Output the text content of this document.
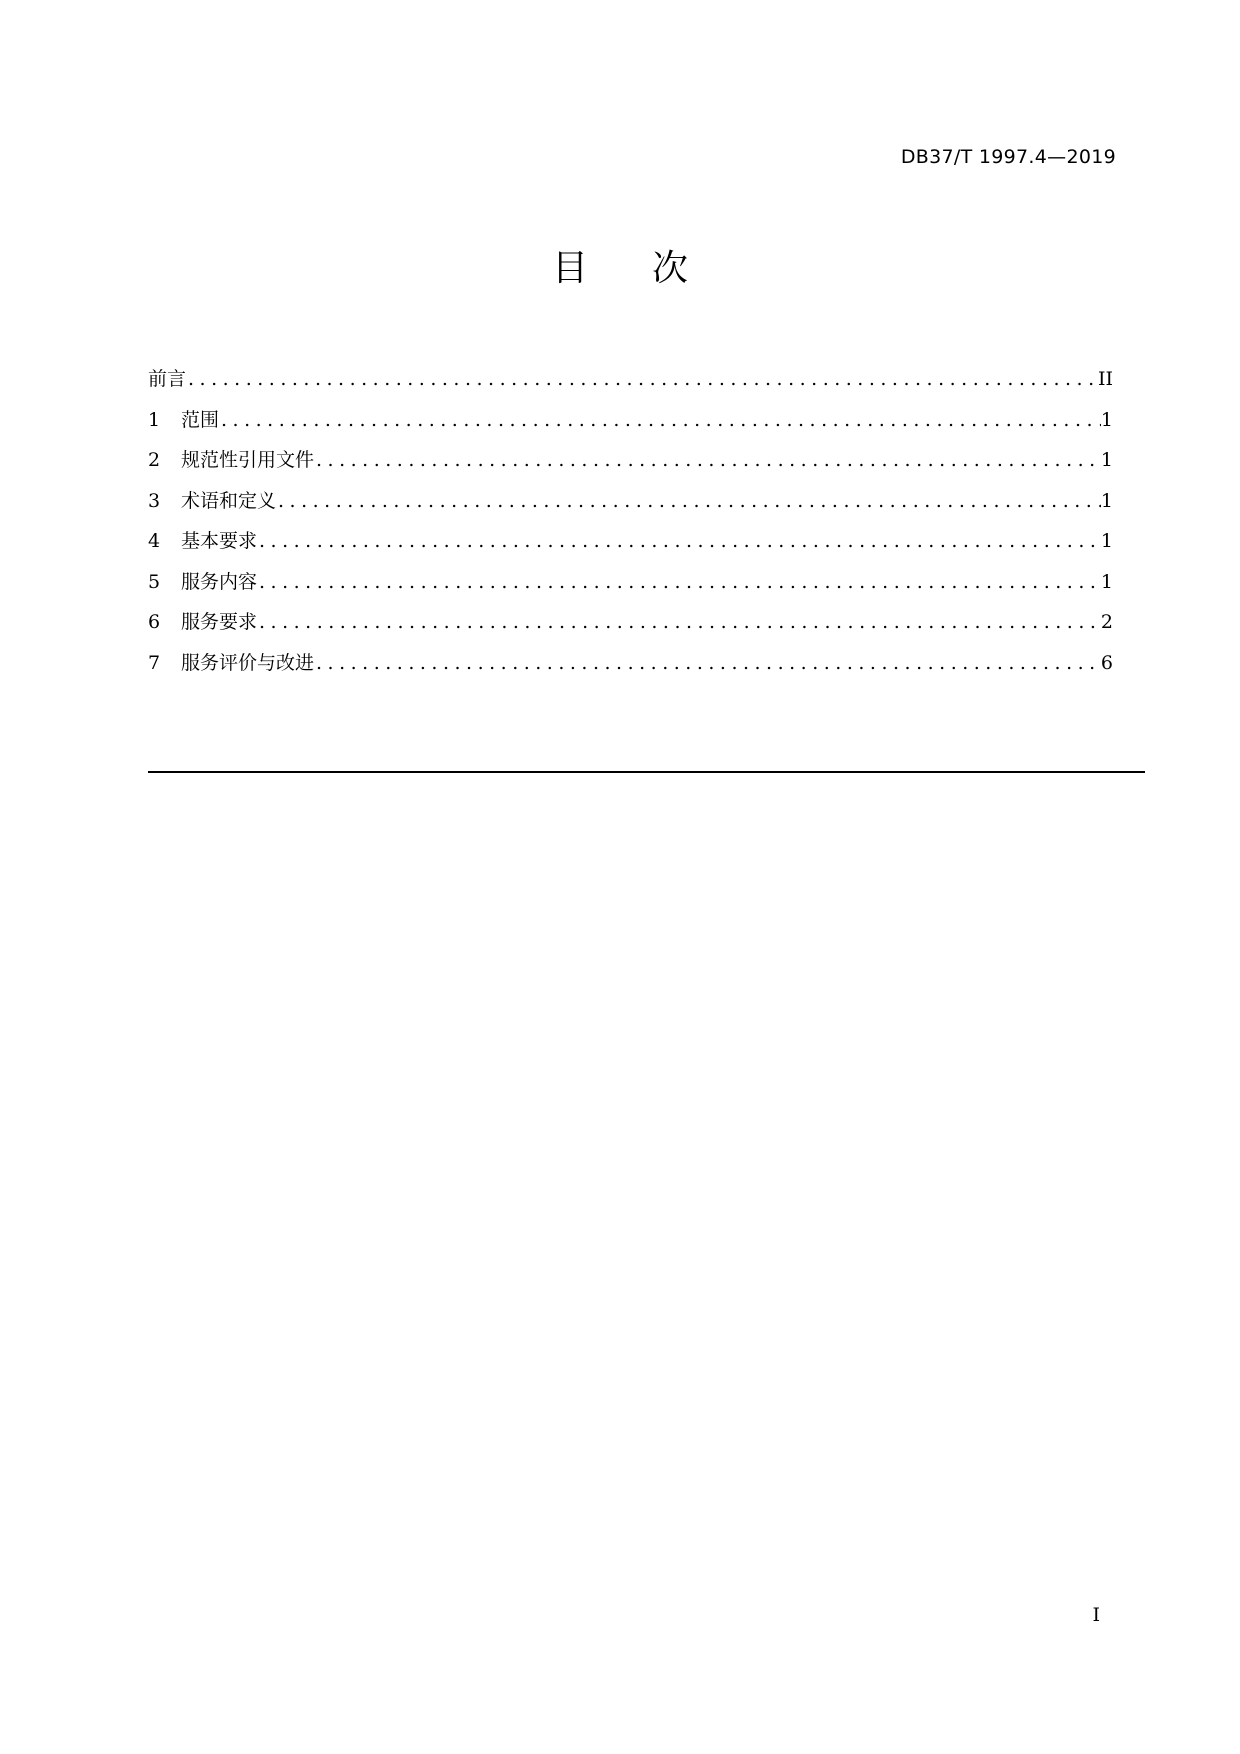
DB37/T 1997.4—2019
目 次
前言 .....	II
1	范围 .....	1
2	规范性引用文件 .....	1
3	术语和定义 .....	1
4	基本要求 .....	1
5	服务内容 .....	1
6	服务要求 .....	2
7	服务评价与改进 .....	6
I
